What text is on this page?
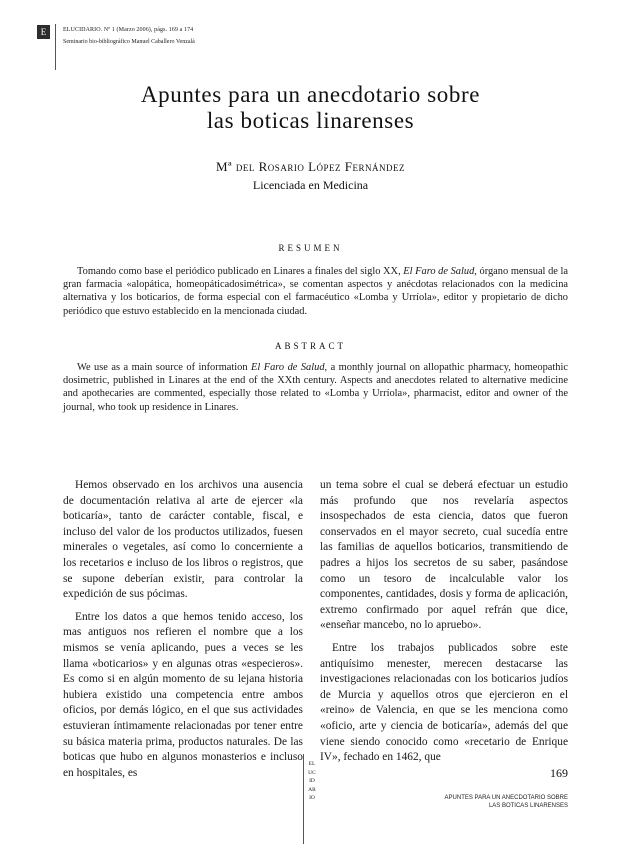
E	ELUCIDARIO. Nº 1 (Marzo 2006), págs. 169 a 174
Seminario bio-bibliográfico Manuel Caballero Venzalá
Apuntes para un anecdotario sobre
las boticas linarenses
Mª del Rosario López Fernández
Licenciada en Medicina
RESUMEN

Tomando como base el periódico publicado en Linares a finales del siglo XX, El Faro de Salud, órgano mensual de la gran farmacia «alopática, homeopáticadosimétrica», se comentan aspectos y anécdotas relacionados con la medicina alternativa y los boticarios, de forma especial con el farmacéutico «Lomba y Urríola», editor y propietario de dicho periódico que estuvo establecido en la mencionada ciudad.

ABSTRACT

We use as a main source of information El Faro de Salud, a monthly journal on allopathic pharmacy, homeopathic dosimetric, published in Linares at the end of the XXth century. Aspects and anecdotes related to alternative medicine and apothecaries are commented, especially those related to «Lomba y Urríola», pharmacist, editor and owner of the journal, who took up residence in Linares.

Hemos observado en los archivos una ausencia de documentación relativa al arte de ejercer «la boticaría», tanto de carácter contable, fiscal, e incluso del valor de los productos utilizados, fuesen minerales o vegetales, así como lo concerniente a los recetarios e incluso de los libros o registros, que se supone deberían existir, para controlar la expedición de sus pócimas.

Entre los datos a que hemos tenido acceso, los mas antiguos nos refieren el nombre que a los mismos se venía aplicando, pues a veces se les llama «boticarios» y en algunas otras «especieros». Es como si en algún momento de su lejana historia hubiera existido una competencia entre ambos oficios, por demás lógico, en el que sus actividades estuvieran íntimamente relacionadas por tener entre su básica materia prima, productos naturales. De las boticas que hubo en algunos monasterios e incluso en hospitales, es

un tema sobre el cual se deberá efectuar un estudio más profundo que nos revelaría aspectos insospechados de esta ciencia, datos que fueron conservados en el mayor secreto, cual sucedía entre las familias de aquellos boticarios, transmitiendo de padres a hijos los secretos de su saber, pasándose como un tesoro de incalculable valor los componentes, cantidades, dosis y forma de aplicación, extremo confirmado por aquel refrán que dice, «enseñar mancebo, no lo apruebo».

Entre los trabajos publicados sobre este antiquísimo menester, merecen destacarse las investigaciones relacionadas con los boticarios judíos de Murcia y aquellos otros que ejercieron en el «reino» de Valencia, en que se les menciona como «oficio, arte y ciencia de boticaría», además del que viene siendo conocido como «recetario de Enrique IV», fechado en 1462, que

ELUCIDARIO
169
APUNTES PARA UN ANECDOTARIO SOBRE
LAS BOTICAS LINARENSES
